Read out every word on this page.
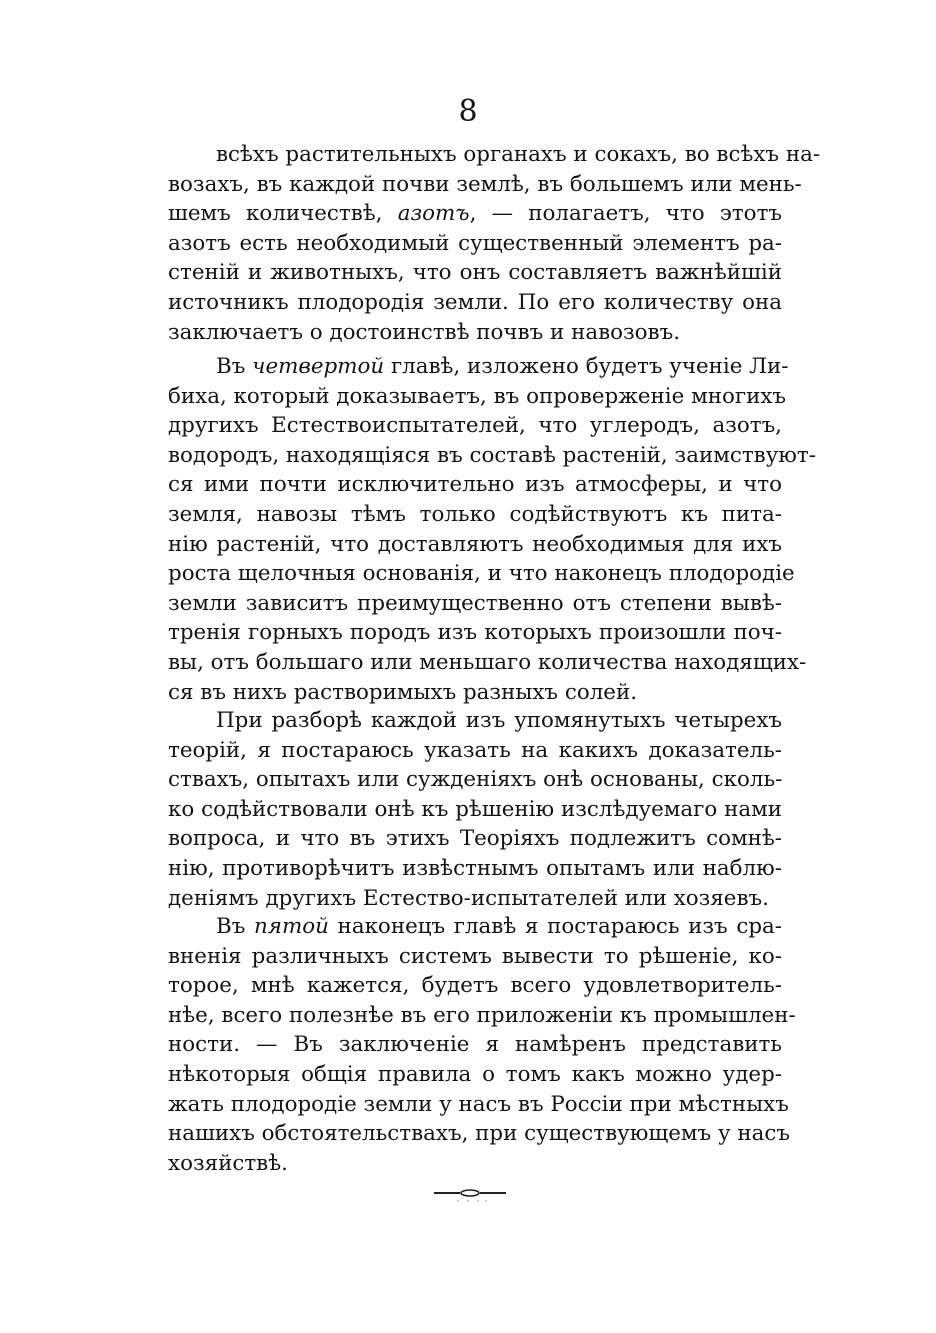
8
всѣхъ растительныхъ органахъ и сокахъ, во всѣхъ на-
возахъ, въ каждой почви землѣ, въ большемъ или мень-
шемъ количествѣ, азотъ, — полагаетъ, что этотъ
азотъ есть необходимый существенный элементъ ра-
стеній и животныхъ, что онъ составляетъ важнѣйшій
источникъ плодородія земли. По его количеству она
заключаетъ о достоинствѣ почвъ и навозовъ.
Въ четвертой главѣ, изложено будетъ ученіе Ли-
биха, который доказываетъ, въ опроверженіе многихъ
другихъ Естествоиспытателей, что углеродъ, азотъ,
водородъ, находящіяся въ составѣ растеній, заимствуют-
ся ими почти исключительно изъ атмосферы, и что
земля, навозы тѣмъ только содѣйствуютъ къ пита-
нію растеній, что доставляютъ необходимыя для ихъ
роста щелочныя основанія, и что наконецъ плодородіе
земли зависитъ преимущественно отъ степени вывѣ-
тренія горныхъ породъ изъ которыхъ произошли поч-
вы, отъ большаго или меньшаго количества находящих-
ся въ нихъ растворимыхъ разныхъ солей.
При разборѣ каждой изъ упомянутыхъ четырехъ
теорій, я постараюсь указать на какихъ доказатель-
ствахъ, опытахъ или сужденіяхъ онѣ основаны, сколь-
ко содѣйствовали онѣ къ рѣшенію изслѣдуемаго нами
вопроса, и что въ этихъ Теоріяхъ подлежитъ сомнѣ-
нію, противорѣчитъ извѣстнымъ опытамъ или наблю-
деніямъ другихъ Естество-испытателей или хозяевъ.
Въ пятой наконецъ главѣ я постараюсь изъ сра-
вненія различныхъ системъ вывести то рѣшеніе, ко-
торое, мнѣ кажется, будетъ всего удовлетворитель-
нѣе, всего полезнѣе въ его приложеніи къ промышлен-
ности. — Въ заключеніе я намѣренъ представить
нѣкоторыя общія правила о томъ какъ можно удер-
жать плодородіе земли у насъ въ Россіи при мѣстныхъ
нашихъ обстоятельствахъ, при существующемъ у насъ
хозяйствѣ.
